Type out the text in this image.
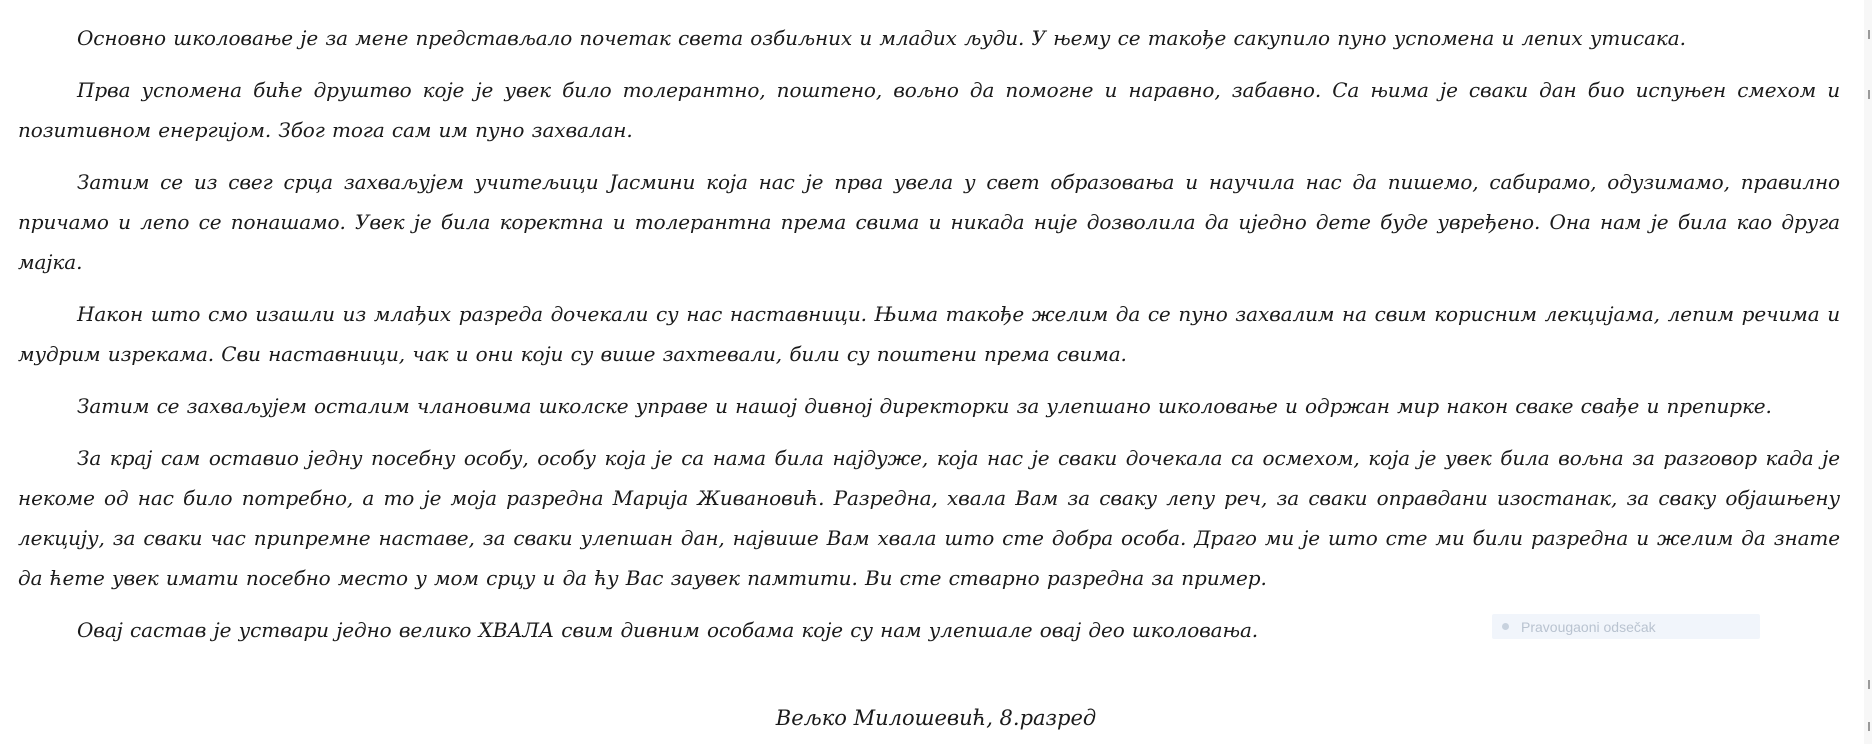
Основно школовање је за мене представљало почетак света озбиљних и младих људи. У њему се такође сакупило пуно успомена и лепих утисака.

Прва успомена биће друштво које је увек било толерантно, поштено, вољно да помогне и наравно, забавно. Са њима је сваки дан био испуњен смехом и позитивном енергијом. Због тога сам им пуно захвалан.

Затим се из свег срца захваљујем учитељици Јасмини која нас је прва увела у свет образовања и научила нас да пишемо, сабирамо, одузимамо, правилно причамо и лепо се понашамо. Увек је била коректна и толерантна према свима и никада није дозволила да иједно дете буде увређено. Она нам је била као друга мајка.

Након што смо изашли из млађих разреда дочекали су нас наставници. Њима такође желим да се пуно захвалим на свим корисним лекцијама, лепим речима и мудрим изрекама. Сви наставници, чак и они који су више захтевали, били су поштени према свима.

Затим се захваљујем осталим члановима школске управе и нашој дивној директорки за улепшано школовање и одржан мир након сваке свађе и препирке.

За крај сам оставио једну посебну особу, особу која је са нама била најдуже, која нас је сваки дочекала са осмехом, која је увек била вољна за разговор када је некоме од нас било потребно, а то је моја разредна Марија Живановић. Разредна, хвала Вам за сваку лепу реч, за сваки оправдани изостанак, за сваку објашњену лекцију, за сваки час припремне наставе, за сваки улепшан дан, највише Вам хвала што сте добра особа. Драго ми је што сте ми били разредна и желим да знате да ћете увек имати посебно место у мом срцу и да ћу Вас заувек памтити. Ви сте стварно разредна за пример.

Овај састав је уствари једно велико ХВАЛА свим дивним особама које су нам улепшале овај део школовања.	Pravougaoni odsečak
Вељко Милошевић, 8.разред
